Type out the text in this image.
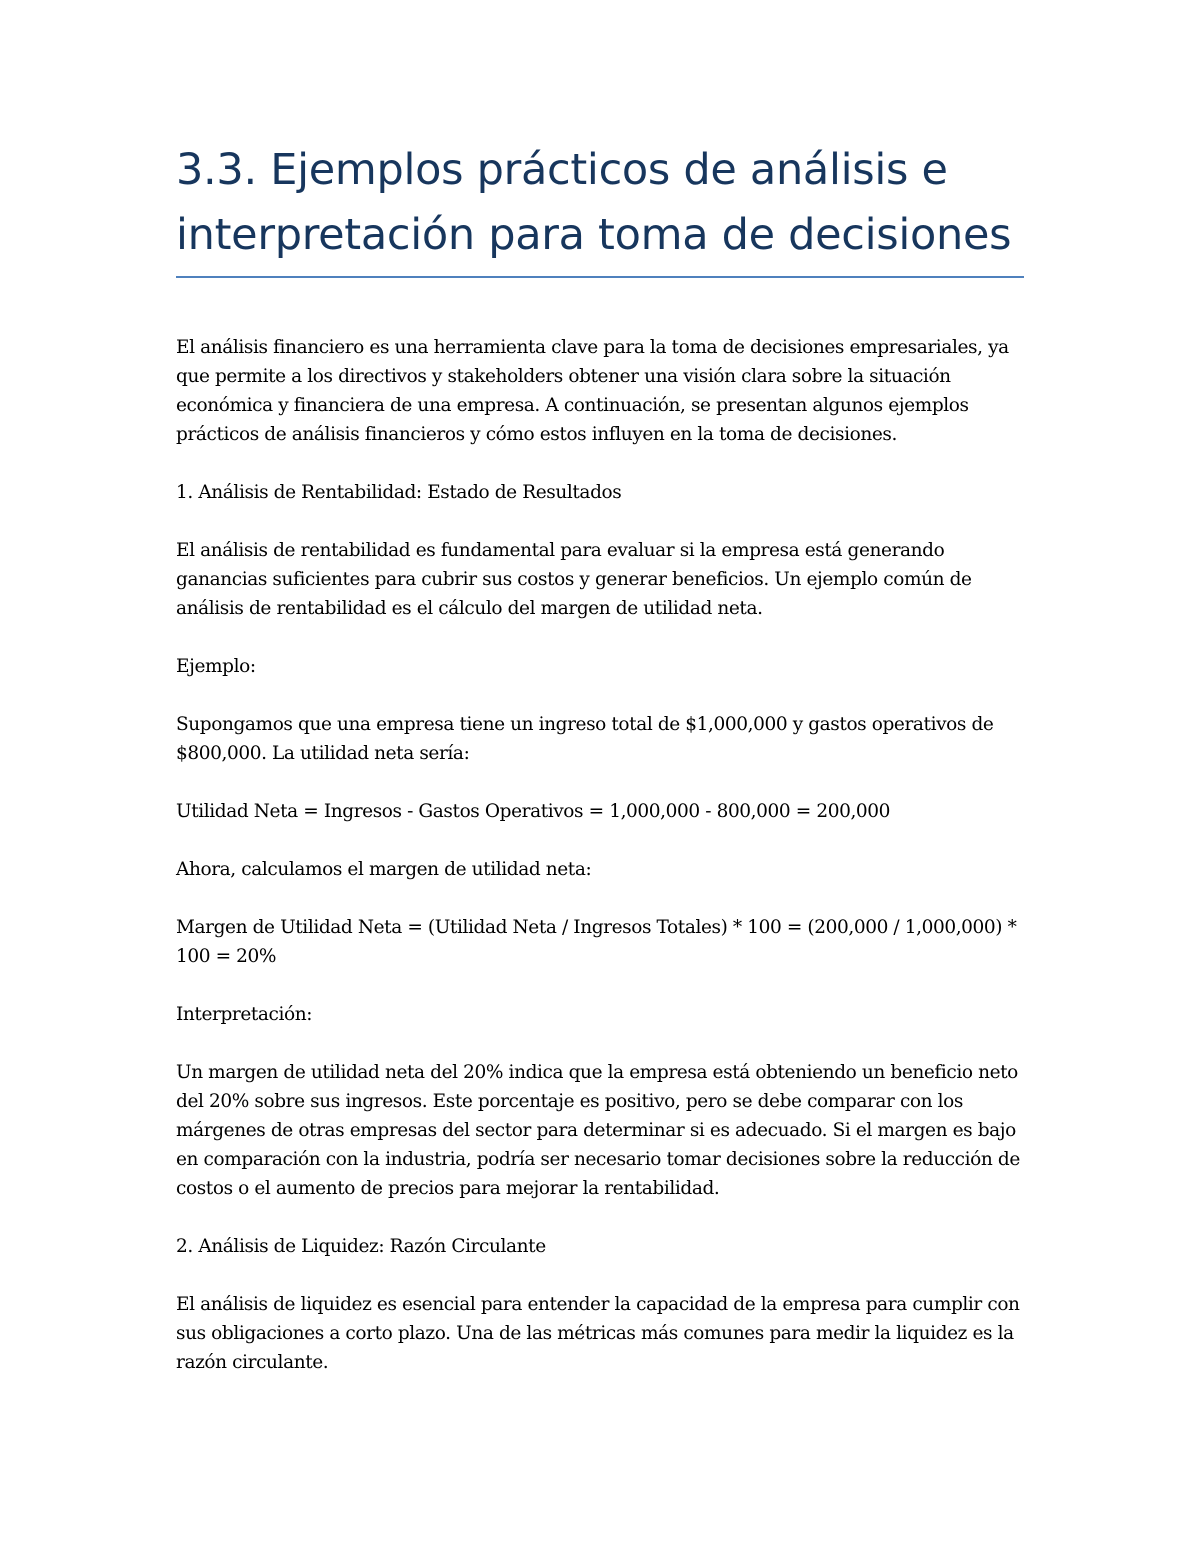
3.3. Ejemplos prácticos de análisis e
interpretación para toma de decisiones

El análisis financiero es una herramienta clave para la toma de decisiones empresariales, ya que permite a los directivos y stakeholders obtener una visión clara sobre la situación económica y financiera de una empresa. A continuación, se presentan algunos ejemplos prácticos de análisis financieros y cómo estos influyen en la toma de decisiones.

1. Análisis de Rentabilidad: Estado de Resultados

El análisis de rentabilidad es fundamental para evaluar si la empresa está generando ganancias suficientes para cubrir sus costos y generar beneficios. Un ejemplo común de análisis de rentabilidad es el cálculo del margen de utilidad neta.

Ejemplo:

Supongamos que una empresa tiene un ingreso total de $1,000,000 y gastos operativos de $800,000. La utilidad neta sería:

Utilidad Neta = Ingresos - Gastos Operativos = 1,000,000 - 800,000 = 200,000

Ahora, calculamos el margen de utilidad neta:

Margen de Utilidad Neta = (Utilidad Neta / Ingresos Totales) * 100 = (200,000 / 1,000,000) * 100 = 20%

Interpretación:

Un margen de utilidad neta del 20% indica que la empresa está obteniendo un beneficio neto del 20% sobre sus ingresos. Este porcentaje es positivo, pero se debe comparar con los márgenes de otras empresas del sector para determinar si es adecuado. Si el margen es bajo en comparación con la industria, podría ser necesario tomar decisiones sobre la reducción de costos o el aumento de precios para mejorar la rentabilidad.

2. Análisis de Liquidez: Razón Circulante

El análisis de liquidez es esencial para entender la capacidad de la empresa para cumplir con sus obligaciones a corto plazo. Una de las métricas más comunes para medir la liquidez es la razón circulante.
